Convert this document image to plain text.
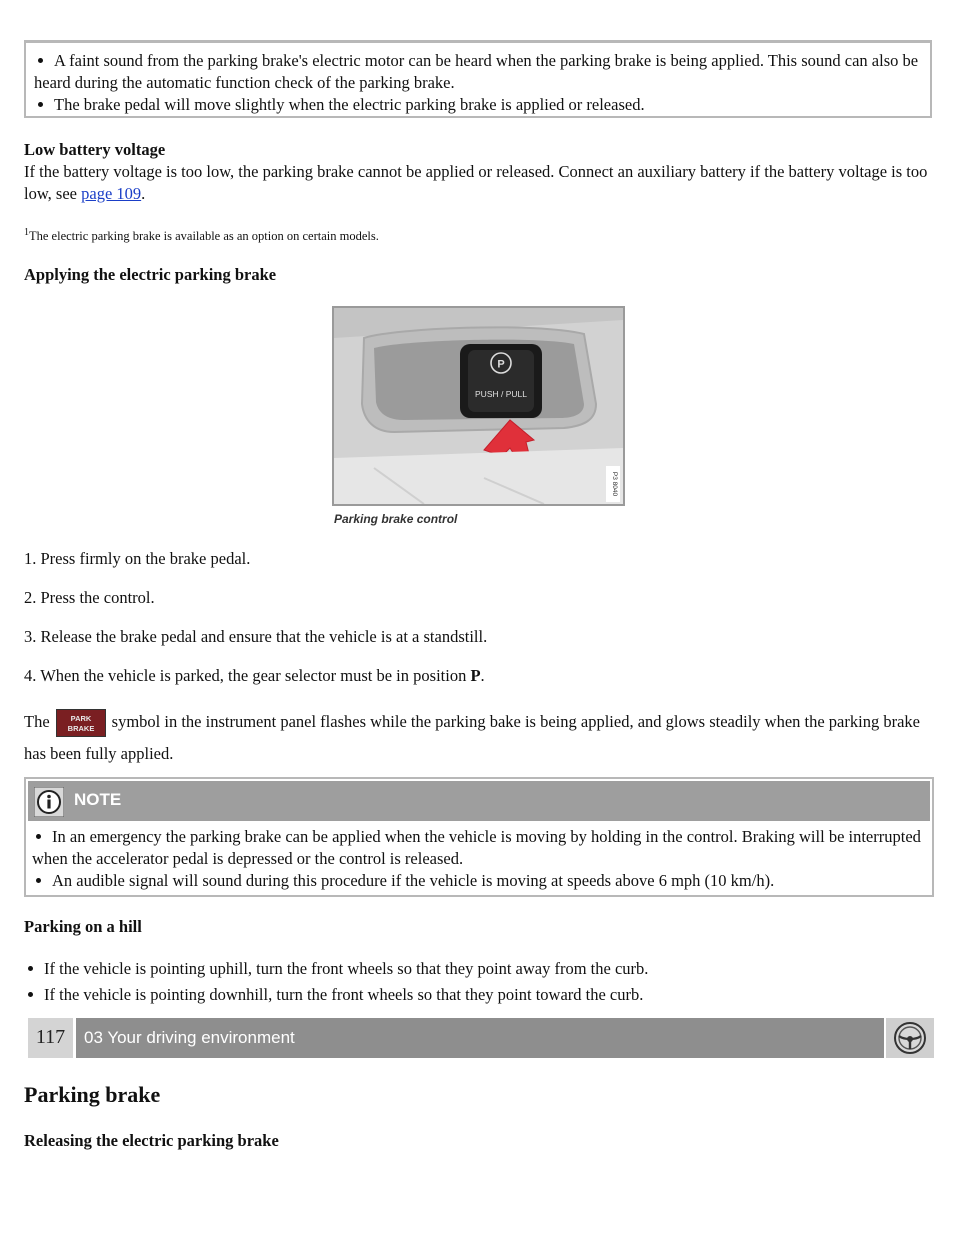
A faint sound from the parking brake's electric motor can be heard when the parking brake is being applied. This sound can also be heard during the automatic function check of the parking brake.
The brake pedal will move slightly when the electric parking brake is applied or released.
Low battery voltage
If the battery voltage is too low, the parking brake cannot be applied or released. Connect an auxiliary battery if the battery voltage is too low, see page 109.
$^1$The electric parking brake is available as an option on certain models.
Applying the electric parking brake
P
PUSH / PULL
P3 8040
Parking brake control

1. Press firmly on the brake pedal.

2. Press the control.

3. Release the brake pedal and ensure that the vehicle is at a standstill.

4. When the vehicle is parked, the gear selector must be in position P.

The	PARK
BRAKE symbol in the instrument panel flashes while the parking bake is being applied, and glows steadily when the parking brake has been fully applied.
NOTE
In an emergency the parking brake can be applied when the vehicle is moving by holding in the control. Braking will be interrupted when the accelerator pedal is depressed or the control is released.
An audible signal will sound during this procedure if the vehicle is moving at speeds above 6 mph (10 km/h).
Parking on a hill
If the vehicle is pointing uphill, turn the front wheels so that they point away from the curb.
If the vehicle is pointing downhill, turn the front wheels so that they point toward the curb.
117	03 Your driving environment
Parking brake
Releasing the electric parking brake
